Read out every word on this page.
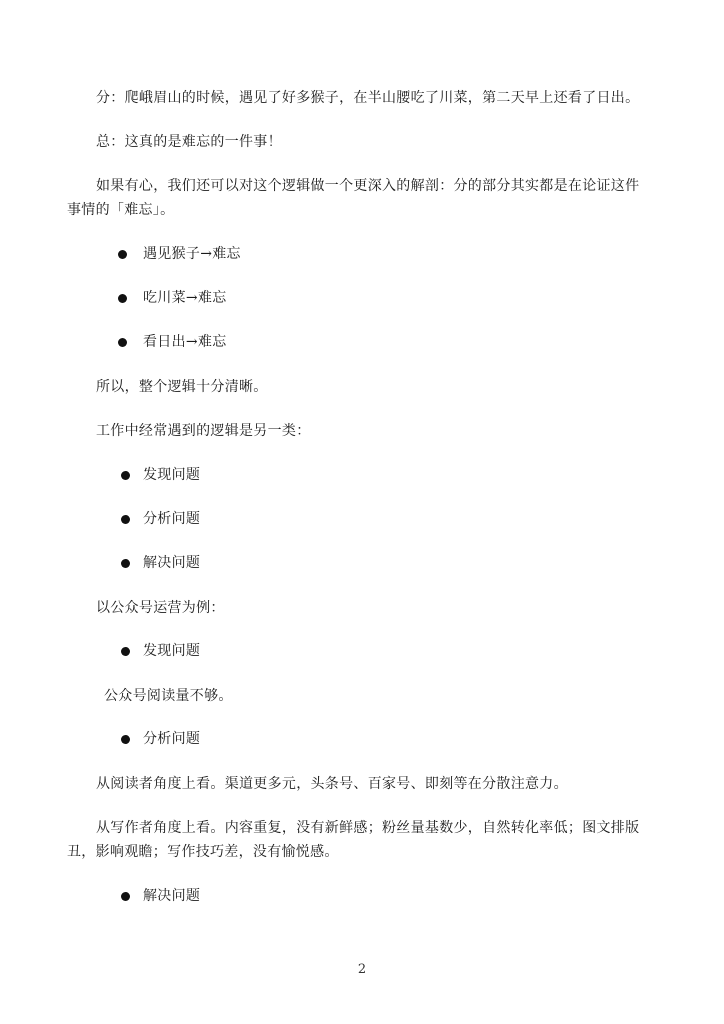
分：爬峨眉山的时候，遇见了好多猴子，在半山腰吃了川菜，第二天早上还看了日出。
总：这真的是难忘的一件事！
如果有心，我们还可以对这个逻辑做一个更深入的解剖：分的部分其实都是在论证这件
事情的「难忘」。
遇见猴子→难忘
吃川菜→难忘
看日出→难忘
所以，整个逻辑十分清晰。
工作中经常遇到的逻辑是另一类：
发现问题
分析问题
解决问题
以公众号运营为例：
发现问题
公众号阅读量不够。
分析问题
从阅读者角度上看。渠道更多元，头条号、百家号、即刻等在分散注意力。
从写作者角度上看。内容重复，没有新鲜感；粉丝量基数少，自然转化率低；图文排版
丑，影响观瞻；写作技巧差，没有愉悦感。
解决问题
2
